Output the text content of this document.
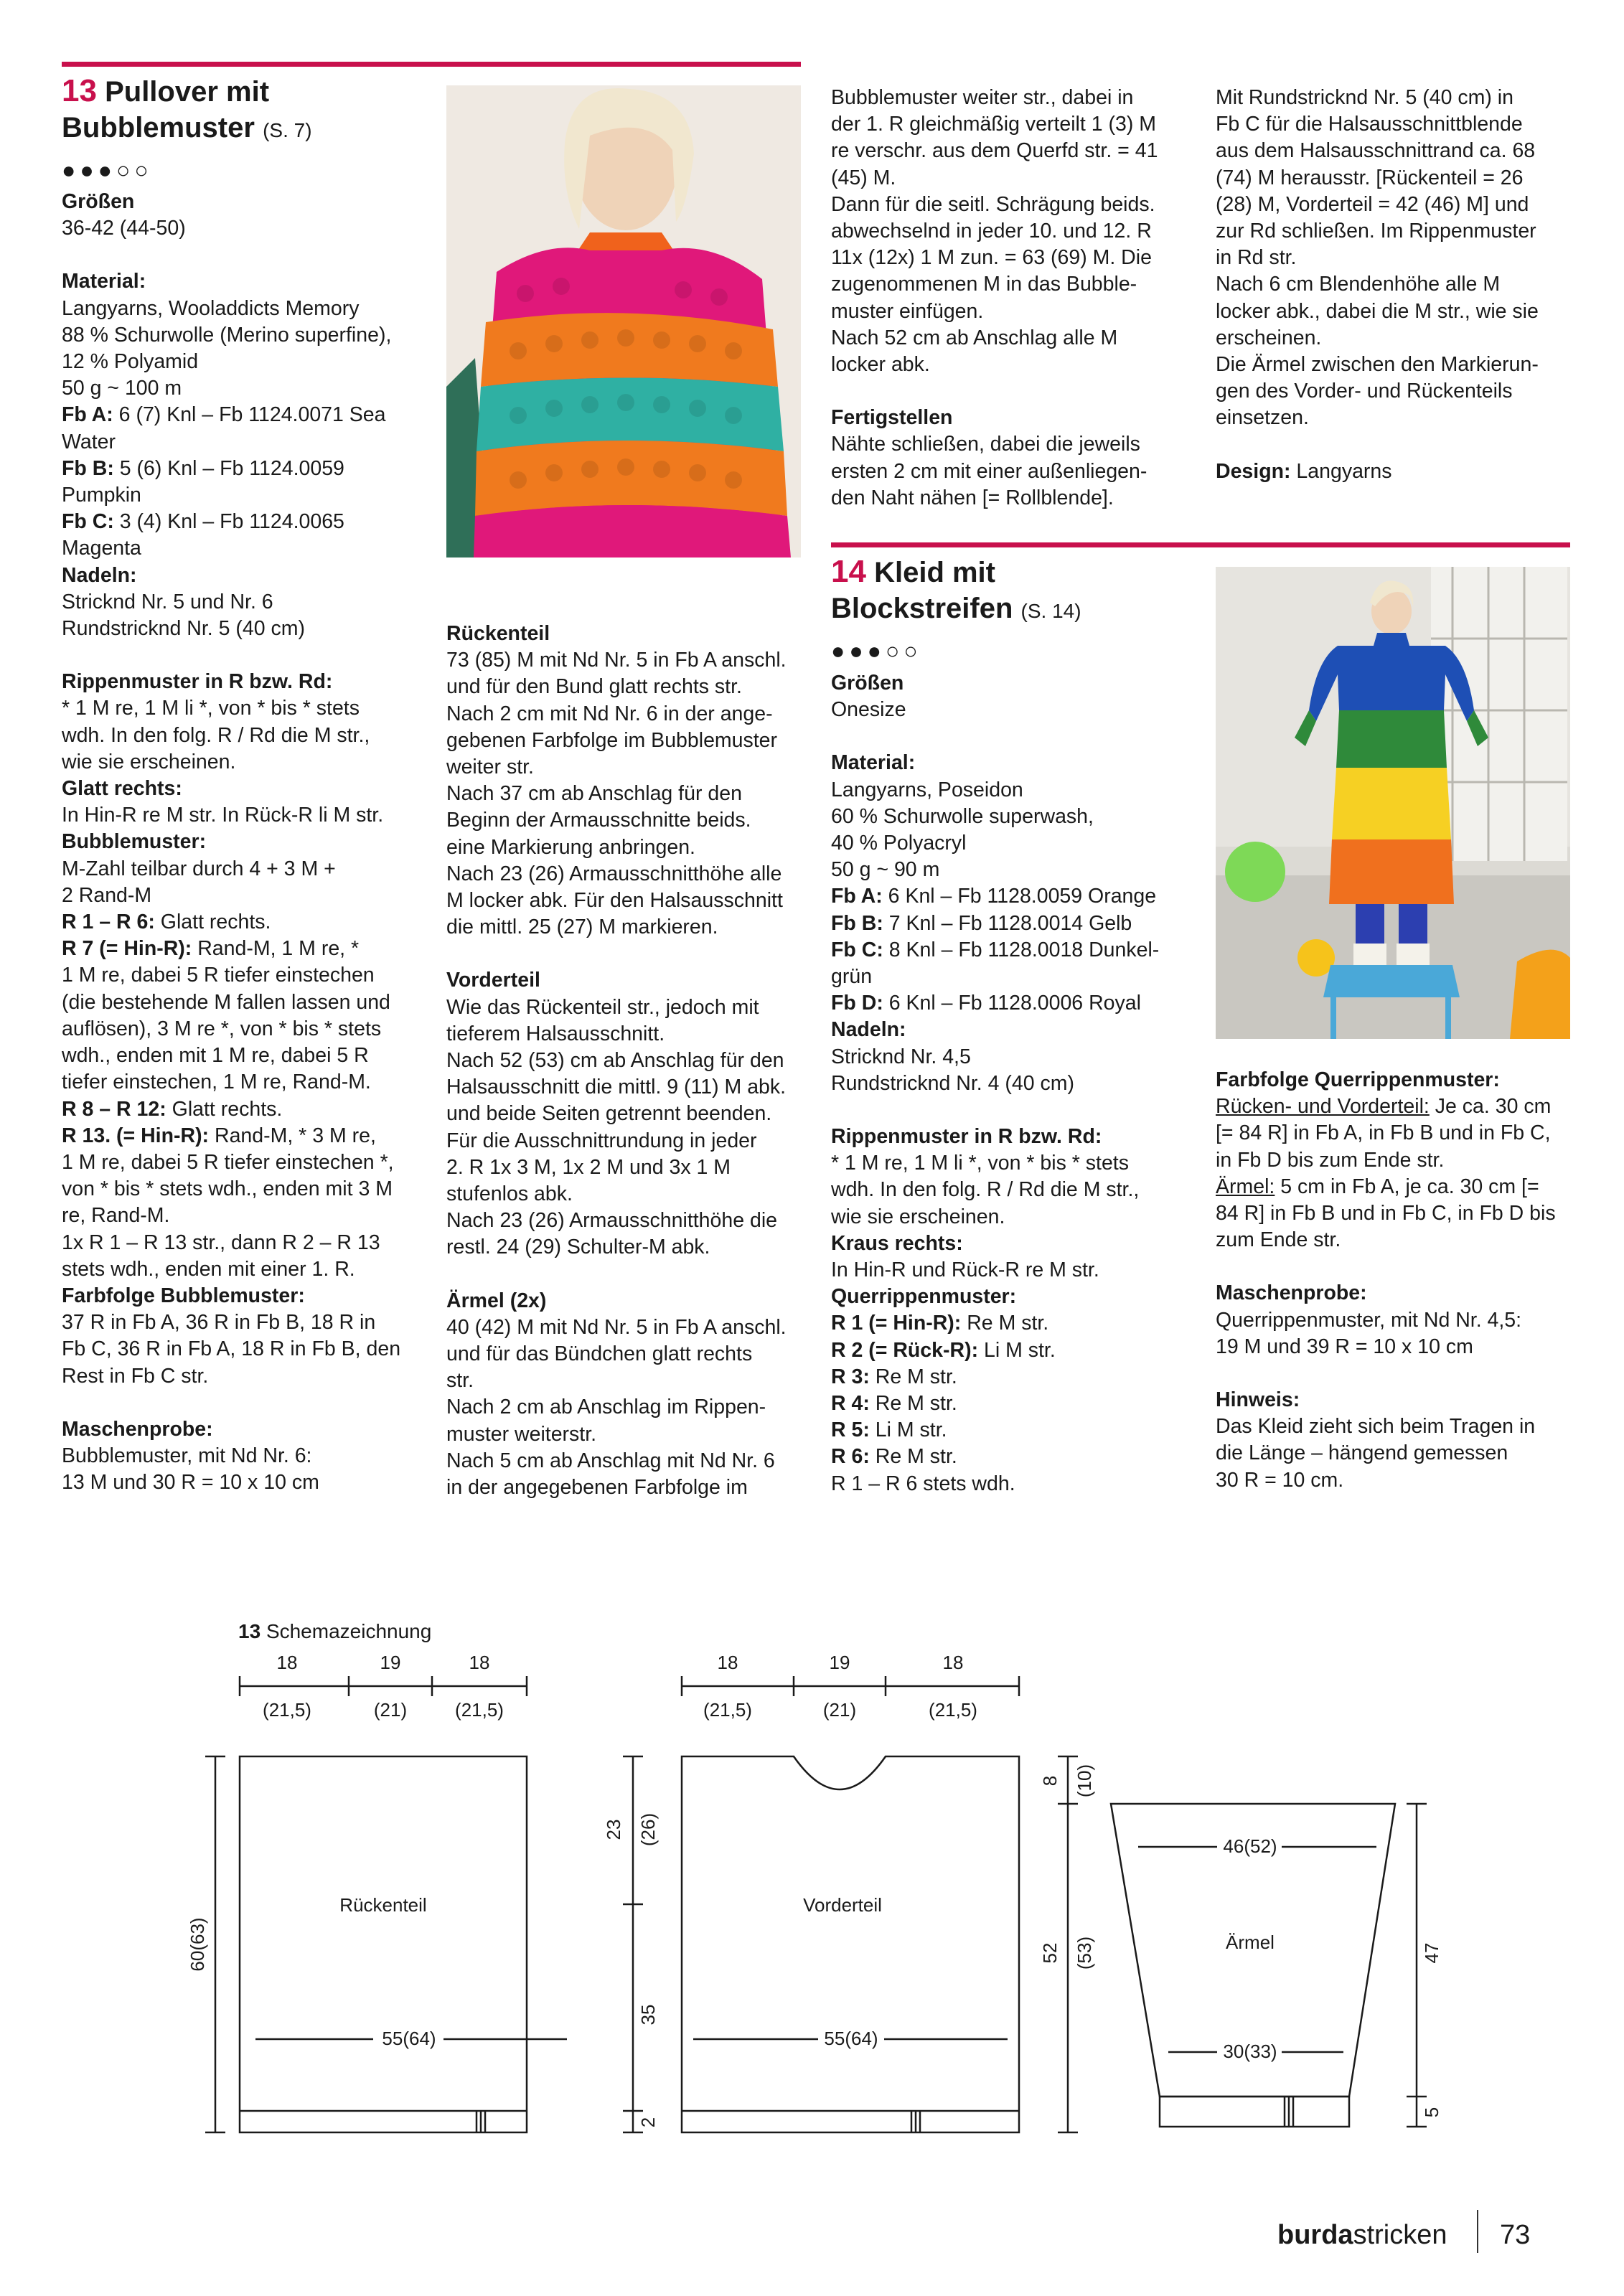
13 Pullover mit
Bubblemuster (S. 7)
●●●○○

Größen

36-42 (44-50)

Material:

Langyarns, Wooladdicts Memory

88 % Schurwolle (Merino superfine),

12 % Polyamid

50 g ~ 100 m

Fb A: 6 (7) Knl – Fb 1124.0071 Sea

Water

Fb B: 5 (6) Knl – Fb 1124.0059

Pumpkin

Fb C: 3 (4) Knl – Fb 1124.0065

Magenta

Nadeln:

Stricknd Nr. 5 und Nr. 6

Rundstricknd Nr. 5 (40 cm)

Rippenmuster in R bzw. Rd:

* 1 M re, 1 M li *, von * bis * stets

wdh. In den folg. R / Rd die M str.,

wie sie erscheinen.

Glatt rechts:

In Hin-R re M str. In Rück-R li M str.

Bubblemuster:

M-Zahl teilbar durch 4 + 3 M +

2 Rand-M

R 1 – R 6: Glatt rechts.

R 7 (= Hin-R): Rand-M, 1 M re, *

1 M re, dabei 5 R tiefer einstechen

(die bestehende M fallen lassen und

auflösen), 3 M re *, von * bis * stets

wdh., enden mit 1 M re, dabei 5 R

tiefer einstechen, 1 M re, Rand-M.

R 8 – R 12: Glatt rechts.

R 13. (= Hin-R): Rand-M, * 3 M re,

1 M re, dabei 5 R tiefer einstechen *,

von * bis * stets wdh., enden mit 3 M

re, Rand-M.

1x R 1 – R 13 str., dann R 2 – R 13

stets wdh., enden mit einer 1. R.

Farbfolge Bubblemuster:

37 R in Fb A, 36 R in Fb B, 18 R in

Fb C, 36 R in Fb A, 18 R in Fb B, den

Rest in Fb C str.

Maschenprobe:

Bubblemuster, mit Nd Nr. 6:

13 M und 30 R = 10 x 10 cm

Rückenteil

73 (85) M mit Nd Nr. 5 in Fb A anschl.

und für den Bund glatt rechts str.

Nach 2 cm mit Nd Nr. 6 in der ange-

gebenen Farbfolge im Bubblemuster

weiter str.

Nach 37 cm ab Anschlag für den

Beginn der Armausschnitte beids.

eine Markierung anbringen.

Nach 23 (26) Armausschnitthöhe alle

M locker abk. Für den Halsausschnitt

die mittl. 25 (27) M markieren.

Vorderteil

Wie das Rückenteil str., jedoch mit

tieferem Halsausschnitt.

Nach 52 (53) cm ab Anschlag für den

Halsausschnitt die mittl. 9 (11) M abk.

und beide Seiten getrennt beenden.

Für die Ausschnittrundung in jeder

2. R 1x 3 M, 1x 2 M und 3x 1 M

stufenlos abk.

Nach 23 (26) Armausschnitthöhe die

restl. 24 (29) Schulter-M abk.

Ärmel (2x)

40 (42) M mit Nd Nr. 5 in Fb A anschl.

und für das Bündchen glatt rechts

str.

Nach 2 cm ab Anschlag im Rippen-

muster weiterstr.

Nach 5 cm ab Anschlag mit Nd Nr. 6

in der angegebenen Farbfolge im

Bubblemuster weiter str., dabei in

der 1. R gleichmäßig verteilt 1 (3) M

re verschr. aus dem Querfd str. = 41

(45) M.

Dann für die seitl. Schrägung beids.

abwechselnd in jeder 10. und 12. R

11x (12x) 1 M zun. = 63 (69) M. Die

zugenommenen M in das Bubble-

muster einfügen.

Nach 52 cm ab Anschlag alle M

locker abk.

Fertigstellen

Nähte schließen, dabei die jeweils

ersten 2 cm mit einer außenliegen-

den Naht nähen [= Rollblende].

Mit Rundstricknd Nr. 5 (40 cm) in

Fb C für die Halsausschnittblende

aus dem Halsausschnittrand ca. 68

(74) M herausstr. [Rückenteil = 26

(28) M, Vorderteil = 42 (46) M] und

zur Rd schließen. Im Rippenmuster

in Rd str.

Nach 6 cm Blendenhöhe alle M

locker abk., dabei die M str., wie sie

erscheinen.

Die Ärmel zwischen den Markierun-

gen des Vorder- und Rückenteils

einsetzen.

Design: Langyarns

14 Kleid mit
Blockstreifen (S. 14)
●●●○○

Größen

Onesize

Material:

Langyarns, Poseidon

60 % Schurwolle superwash,

40 % Polyacryl

50 g ~ 90 m

Fb A: 6 Knl – Fb 1128.0059 Orange

Fb B: 7 Knl – Fb 1128.0014 Gelb

Fb C: 8 Knl – Fb 1128.0018 Dunkel-

grün

Fb D: 6 Knl – Fb 1128.0006 Royal

Nadeln:

Stricknd Nr. 4,5

Rundstricknd Nr. 4 (40 cm)

Rippenmuster in R bzw. Rd:

* 1 M re, 1 M li *, von * bis * stets

wdh. In den folg. R / Rd die M str.,

wie sie erscheinen.

Kraus rechts:

In Hin-R und Rück-R re M str.

Querrippenmuster:

R 1 (= Hin-R): Re M str.

R 2 (= Rück-R): Li M str.

R 3: Re M str.

R 4: Re M str.

R 5: Li M str.

R 6: Re M str.

R 1 – R 6 stets wdh.

Farbfolge Querrippenmuster:

Rücken- und Vorderteil: Je ca. 30 cm

[= 84 R] in Fb A, in Fb B und in Fb C,

in Fb D bis zum Ende str.

Ärmel: 5 cm in Fb A, je ca. 30 cm [=

84 R] in Fb B und in Fb C, in Fb D bis

zum Ende str.

Maschenprobe:

Querrippenmuster, mit Nd Nr. 4,5:

19 M und 39 R = 10 x 10 cm

Hinweis:

Das Kleid zieht sich beim Tragen in

die Länge – hängend gemessen

30 R = 10 cm.

13 Schemazeichnung
18	19	18
(21,5)	(21)	(21,5)
Rückenteil
55(64)
60(63)
18	19	18
(21,5)	(21)	(21,5)
Vorderteil
55(64)
23 (26)
35
2
8 (10)
52 (53)
46(52)
Ärmel
30(33)
47
5
burdastricken 73
